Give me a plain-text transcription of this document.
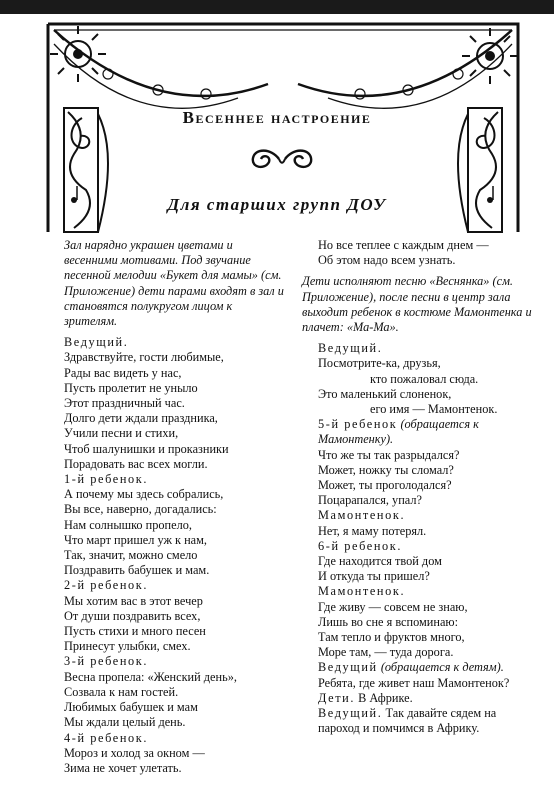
Весеннее настроение
Для старших групп ДОУ
Зал нарядно украшен цветами и весенними мотивами. Под звучание песенной мелодии «Букет для мамы» (см. Приложение) дети парами входят в зал и становятся полукругом лицом к зрителям.
Ведущий.
Здравствуйте, гости любимые,
Рады вас видеть у нас,
Пусть пролетит не уныло
Этот праздничный час.
Долго дети ждали праздника,
Учили песни и стихи,
Чтоб шалунишки и проказники
Порадовать вас всех могли.
1-й ребенок.
А почему мы здесь собрались,
Вы все, наверно, догадались:
Нам солнышко пропело,
Что март пришел уж к нам,
Так, значит, можно смело
Поздравить бабушек и мам.
2-й ребенок.
Мы хотим вас в этот вечер
От души поздравить всех,
Пусть стихи и много песен
Принесут улыбки, смех.
3-й ребенок.
Весна пропела: «Женский день»,
Созвала к нам гостей.
Любимых бабушек и мам
Мы ждали целый день.
4-й ребенок.
Мороз и холод за окном —
Зима не хочет улетать.
Но все теплее с каждым днем —
Об этом надо всем узнать.
Дети исполняют песню «Веснянка» (см. Приложение), после песни в центр зала выходит ребенок в костюме Мамонтенка и плачет: «Ма-Ма».
Ведущий.
Посмотрите-ка, друзья,
кто пожаловал сюда.
Это маленький слоненок,
его имя — Мамонтенок.
5-й ребенок (обращается к Мамонтенку).
Что же ты так разрыдался?
Может, ножку ты сломал?
Может, ты проголодался?
Поцарапался, упал?
Мамонтенок.
Нет, я маму потерял.
6-й ребенок.
Где находится твой дом
И откуда ты пришел?
Мамонтенок.
Где живу — совсем не знаю,
Лишь во сне я вспоминаю:
Там тепло и фруктов много,
Море там, — туда дорога.
Ведущий (обращается к детям). Ребята, где живет наш Мамонтенок?
Дети. В Африке.
Ведущий. Так давайте сядем на пароход и помчимся в Африку.
